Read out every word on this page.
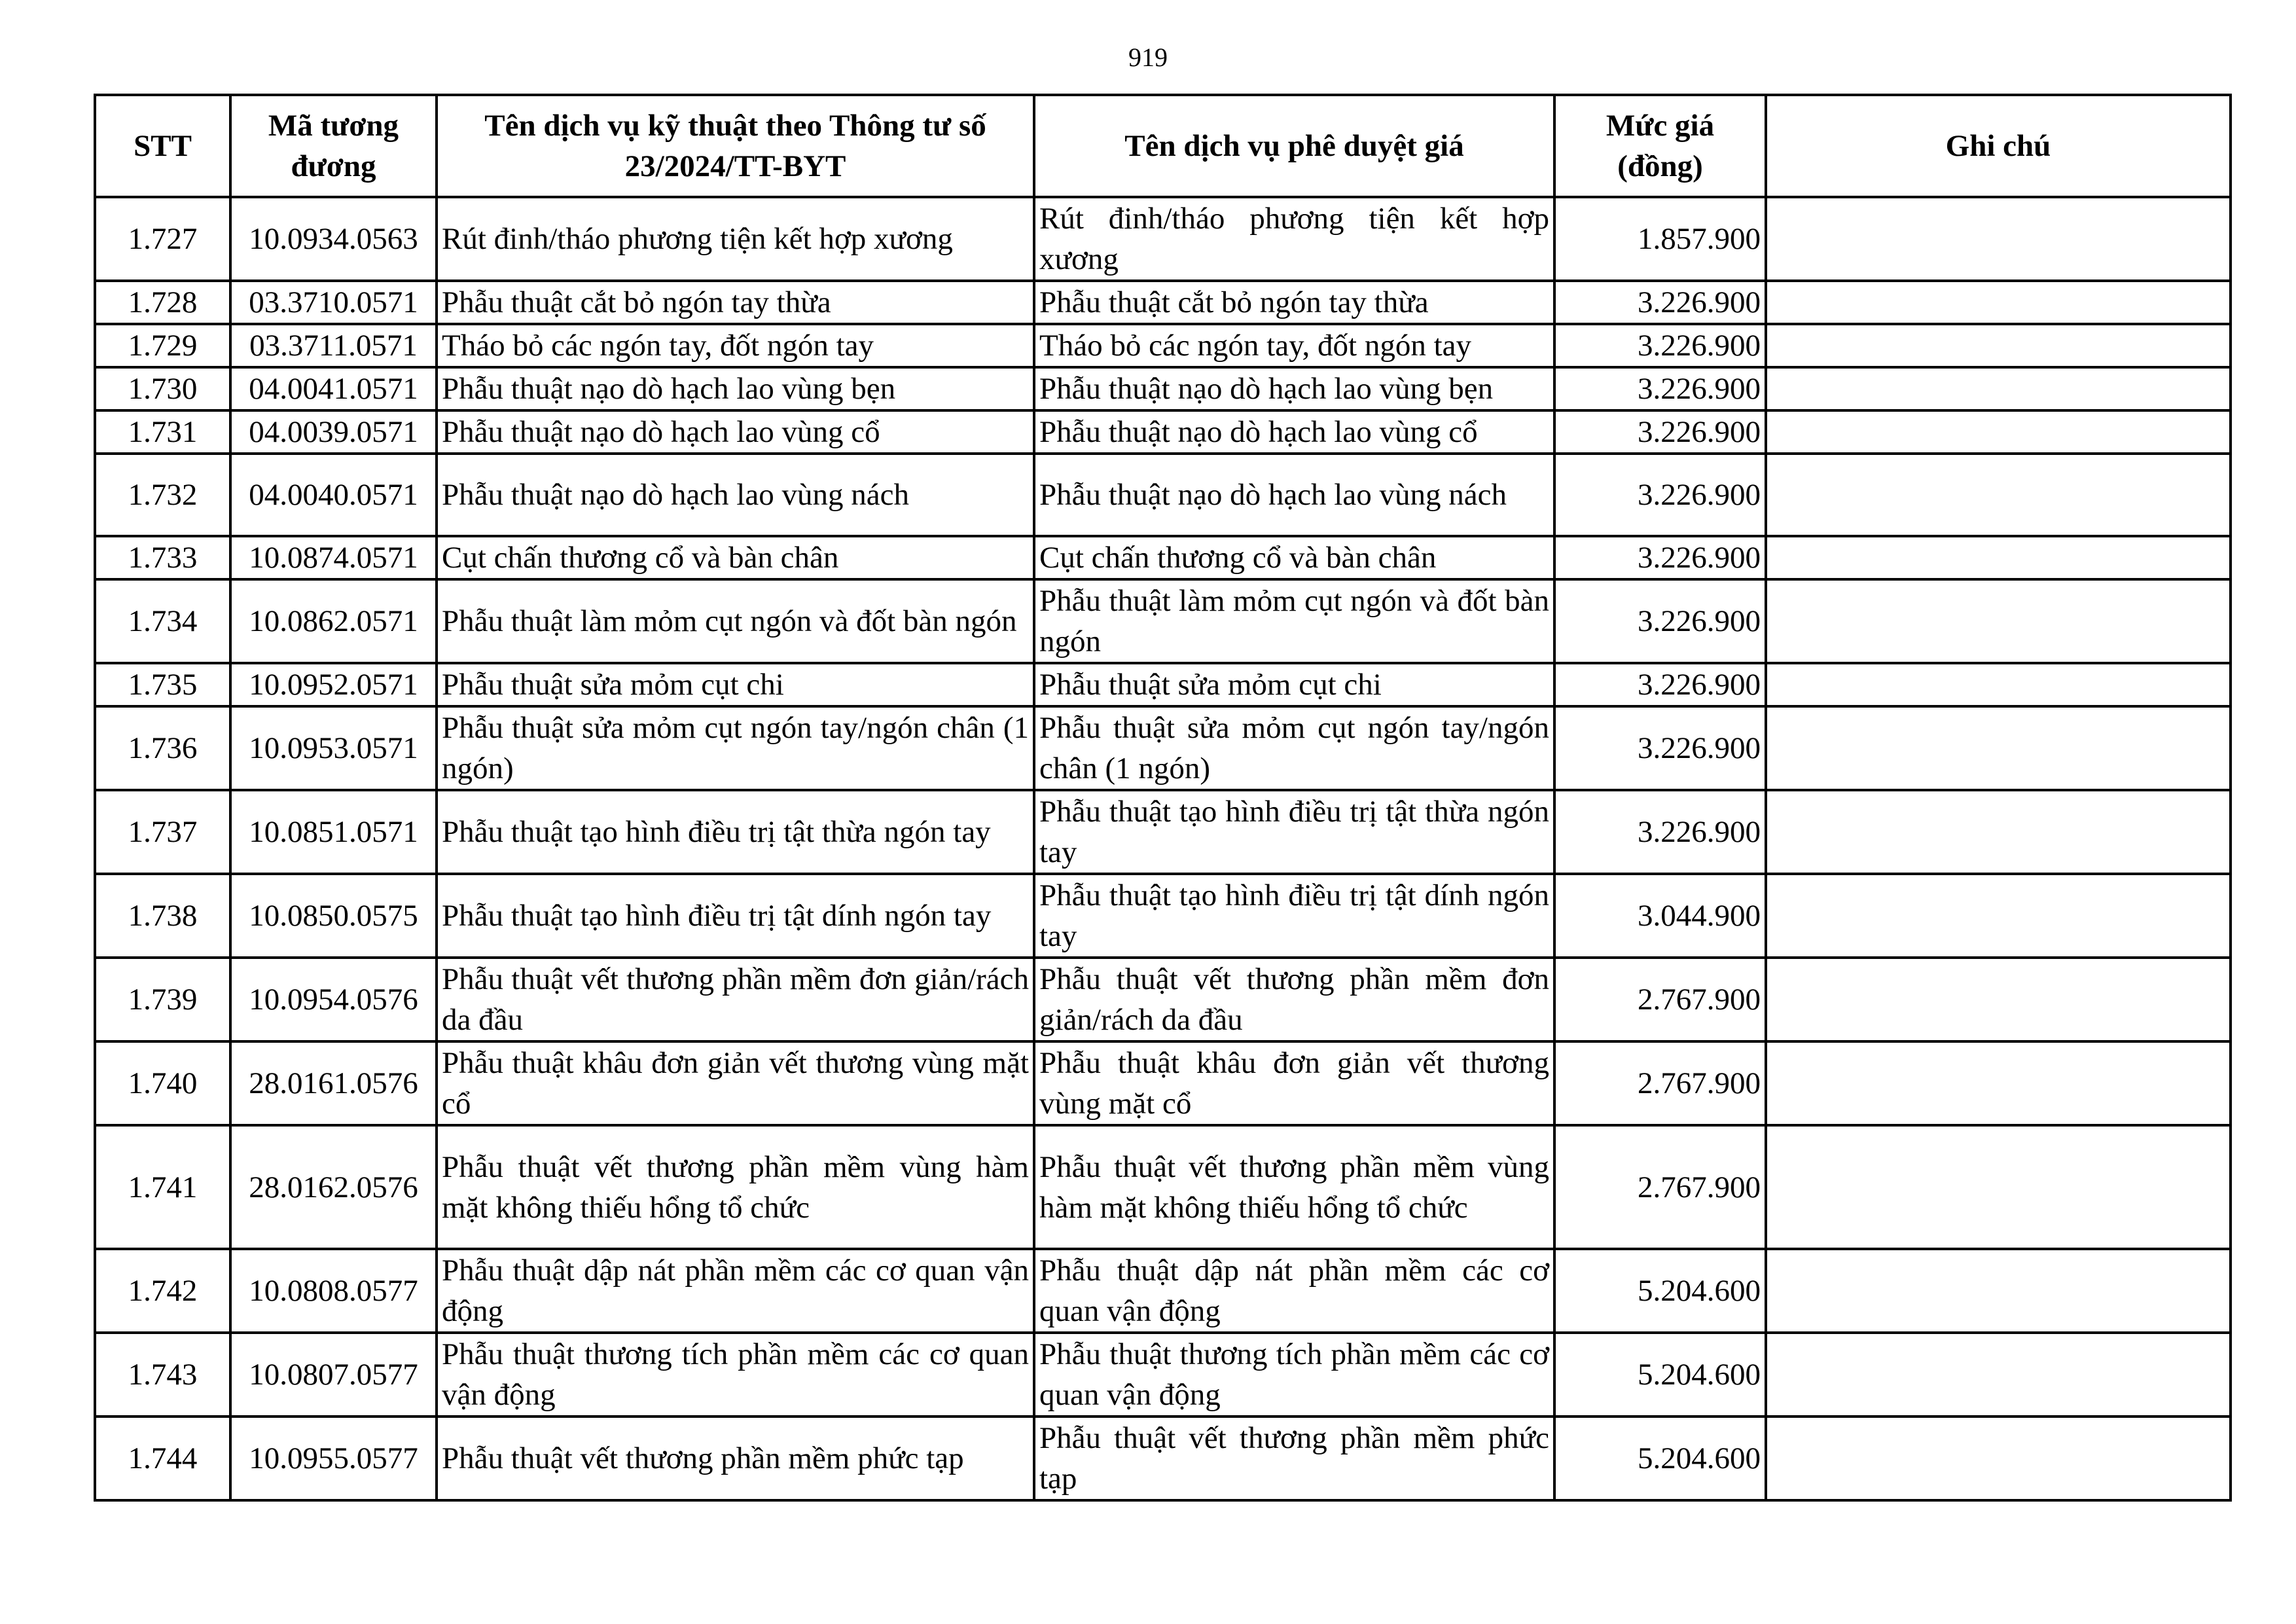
919
STT	Mã tương đương	Tên dịch vụ kỹ thuật theo Thông tư số 23/2024/TT-BYT	Tên dịch vụ phê duyệt giá	Mức giá (đồng)	Ghi chú
1.727	10.0934.0563	Rút đinh/tháo phương tiện kết hợp xương	Rút đinh/tháo phương tiện kết hợp xương	1.857.900	
1.728	03.3710.0571	Phẫu thuật cắt bỏ ngón tay thừa	Phẫu thuật cắt bỏ ngón tay thừa	3.226.900	
1.729	03.3711.0571	Tháo bỏ các ngón tay, đốt ngón tay	Tháo bỏ các ngón tay, đốt ngón tay	3.226.900	
1.730	04.0041.0571	Phẫu thuật nạo dò hạch lao vùng bẹn	Phẫu thuật nạo dò hạch lao vùng bẹn	3.226.900	
1.731	04.0039.0571	Phẫu thuật nạo dò hạch lao vùng cổ	Phẫu thuật nạo dò hạch lao vùng cổ	3.226.900	
1.732	04.0040.0571	Phẫu thuật nạo dò hạch lao vùng nách	Phẫu thuật nạo dò hạch lao vùng nách	3.226.900	
1.733	10.0874.0571	Cụt chấn thương cổ và bàn chân	Cụt chấn thương cổ và bàn chân	3.226.900	
1.734	10.0862.0571	Phẫu thuật làm mỏm cụt ngón và đốt bàn ngón	Phẫu thuật làm mỏm cụt ngón và đốt bàn ngón	3.226.900	
1.735	10.0952.0571	Phẫu thuật sửa mỏm cụt chi	Phẫu thuật sửa mỏm cụt chi	3.226.900	
1.736	10.0953.0571	Phẫu thuật sửa mỏm cụt ngón tay/ngón chân (1 ngón)	Phẫu thuật sửa mỏm cụt ngón tay/ngón chân (1 ngón)	3.226.900	
1.737	10.0851.0571	Phẫu thuật tạo hình điều trị tật thừa ngón tay	Phẫu thuật tạo hình điều trị tật thừa ngón tay	3.226.900	
1.738	10.0850.0575	Phẫu thuật tạo hình điều trị tật dính ngón tay	Phẫu thuật tạo hình điều trị tật dính ngón tay	3.044.900	
1.739	10.0954.0576	Phẫu thuật vết thương phần mềm đơn giản/rách da đầu	Phẫu thuật vết thương phần mềm đơn giản/rách da đầu	2.767.900	
1.740	28.0161.0576	Phẫu thuật khâu đơn giản vết thương vùng mặt cổ	Phẫu thuật khâu đơn giản vết thương vùng mặt cổ	2.767.900	
1.741	28.0162.0576	Phẫu thuật vết thương phần mềm vùng hàm mặt không thiếu hổng tổ chức	Phẫu thuật vết thương phần mềm vùng hàm mặt không thiếu hổng tổ chức	2.767.900	
1.742	10.0808.0577	Phẫu thuật dập nát phần mềm các cơ quan vận động	Phẫu thuật dập nát phần mềm các cơ quan vận động	5.204.600	
1.743	10.0807.0577	Phẫu thuật thương tích phần mềm các cơ quan vận động	Phẫu thuật thương tích phần mềm các cơ quan vận động	5.204.600	
1.744	10.0955.0577	Phẫu thuật vết thương phần mềm phức tạp	Phẫu thuật vết thương phần mềm phức tạp	5.204.600	
